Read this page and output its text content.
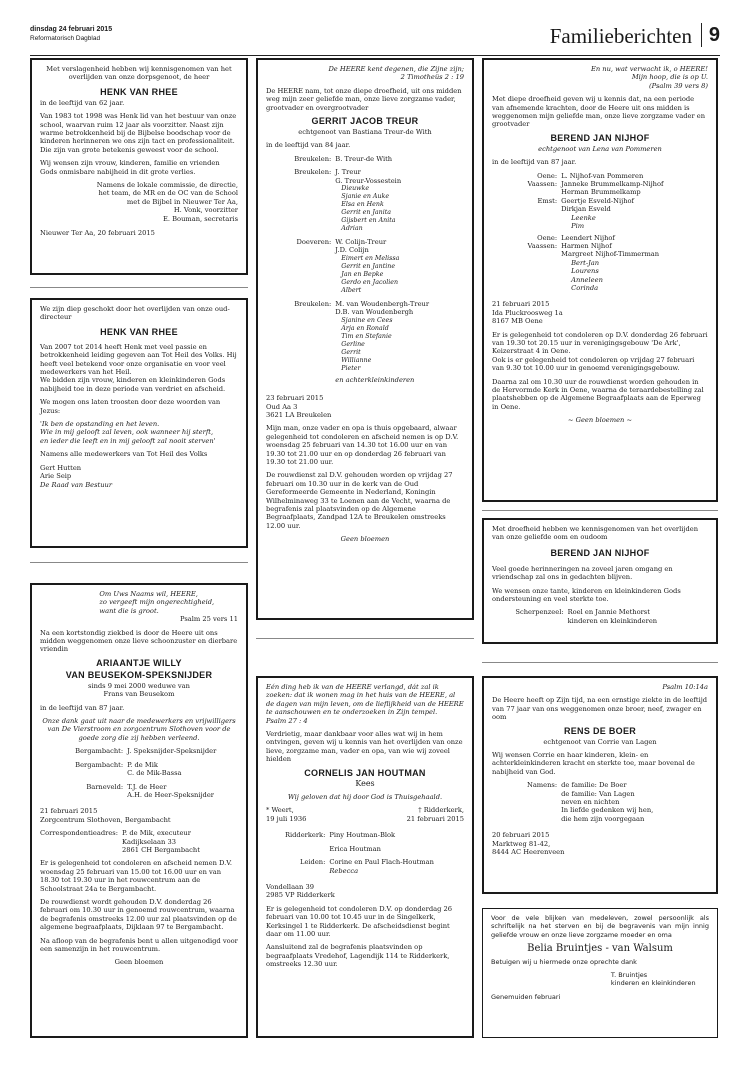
dinsdag 24 februari 2015
Reformatorisch Dagblad	Familieberichten 9

Met verslagenheid hebben wij kennisgenomen van het overlijden van onze dorpsgenoot, de heer

HENK VAN RHEE

in de leeftijd van 62 jaar.

Van 1983 tot 1998 was Henk lid van het bestuur van onze school, waarvan ruim 12 jaar als voorzitter. Naast zijn warme betrokkenheid bij de Bijbelse boodschap voor de kinderen herinneren we ons zijn tact en professionaliteit. Die zijn van grote betekenis geweest voor de school.

Wij wensen zijn vrouw, kinderen, familie en vrienden Gods onmisbare nabijheid in dit grote verlies.

Namens de lokale commissie, de directie,
het team, de MR en de OC van de School
met de Bijbel in Nieuwer Ter Aa,
H. Vonk, voorzitter
E. Bouman, secretaris
Nieuwer Ter Aa, 20 februari 2015

We zijn diep geschokt door het overlijden van onze oud-directeur

HENK VAN RHEE
Van 2007 tot 2014 heeft Henk met veel passie en betrokkenheid leiding gegeven aan Tot Heil des Volks. Hij heeft veel betekend voor onze organisatie en voor veel medewerkers van het Heil.

We bidden zijn vrouw, kinderen en kleinkinderen Gods nabijheid toe in deze periode van verdriet en afscheid.

We mogen ons laten troosten door deze woorden van Jezus:

'Ik ben de opstanding en het leven.
Wie in mij gelooft zal leven, ook wanneer hij sterft,

en ieder die leeft en in mij gelooft zal nooit sterven'

Namens alle medewerkers van Tot Heil des Volks

Gert Hutten
Arie Seip
De Raad van Bestuur
Om Uws Naams wil, HEERE,
zo vergeeft mijn ongerechtigheid,
want die is groot.

Psalm 25 vers 11

Na een kortstondig ziekbed is door de Heere uit ons midden weggenomen onze lieve schoonzuster en dierbare vriendin
ARIAANTJE WILLY
VAN BEUSEKOM-SPEKSNIJDER
sinds 9 mei 2000 weduwe van

Frans van Beusekom

in de leeftijd van 87 jaar.

Onze dank gaat uit naar de medewerkers en vrijwilligers van De Vierstroom en zorgcentrum Slothoven voor de goede zorg die zij hebben verleend.

Bergambacht: J. Speksnijder-Speksnijder
Bergambacht: P. de Mik
C. de Mik-Bassa
Barneveld: T.J. de Heer
A.H. de Heer-Speksnijder
21 februari 2015

Zorgcentrum Slothoven, Bergambacht

Correspondentieadres: P. de Mik, executeur
Kadijkselaan 33
2861 CH Bergambacht

Er is gelegenheid tot condoleren en afscheid nemen D.V. woensdag 25 februari van 15.00 tot 16.00 uur en van 18.30 tot 19.30 uur in het rouwcentrum aan de Schoolstraat 24a te Bergambacht.

De rouwdienst wordt gehouden D.V. donderdag 26 februari om 10.30 uur in genoemd rouwcentrum, waarna de begrafenis omstreeks 12.00 uur zal plaatsvinden op de algemene begraafplaats, Dijklaan 97 te Bergambacht.

Na afloop van de begrafenis bent u allen uitgenodigd voor een samenzijn in het rouwcentrum.

Geen bloemen
De HEERE kent degenen, die Zijne zijn;

2 Timotheüs 2 : 19

De HEERE nam, tot onze diepe droefheid, uit ons midden weg mijn zeer geliefde man, onze lieve zorgzame vader, grootvader en overgrootvader
GERRIT JACOB TREUR

echtgenoot van Bastiana Treur-de With

in de leeftijd van 84 jaar.

Breukelen: B. Treur-de With
Breukelen: J. Treur
G. Treur-Vossestein
Dieuwke
Sjanie en Auke
Elsa en Henk
Gerrit en Janita
Gijsbert en Anita
Adrian
Doeveren: W. Colijn-Treur
J.D. Colijn
Eimert en Melissa
Gerrit en Jantine
Jan en Bepke
Gerdo en Jacolien
Albert
Breukelen: M. van Woudenbergh-Treur
D.B. van Woudenbergh
Sjanine en Cees
Arja en Ronald
Tim en Stefanie
Gerline
Gerrit
Willianne
Pieter
en achterkleinkinderen
23 februari 2015
Oud Aa 3

3621 LA Breukelen

Mijn man, onze vader en opa is thuis opgebaard, alwaar gelegenheid tot condoleren en afscheid nemen is op D.V. woensdag 25 februari van 14.30 tot 16.00 uur en van 19.30 tot 21.00 uur en op donderdag 26 februari van 19.30 tot 21.00 uur.

De rouwdienst zal D.V. gehouden worden op vrijdag 27 februari om 10.30 uur in de kerk van de Oud Gereformeerde Gemeente in Nederland, Koningin Wilhelminaweg 33 te Loenen aan de Vecht, waarna de begrafenis zal plaatsvinden op de Algemene Begraafplaats, Zandpad 12A te Breukelen omstreeks 12.00 uur.

Geen bloemen
Eén ding heb ik van de HEERE verlangd, dát zal ik zoeken: dat ik wonen mag in het huis van de HEERE, al de dagen van mijn leven, om de lieflijkheid van de HEERE te aanschouwen en te onderzoeken in Zijn tempel.

Psalm 27 : 4

Verdrietig, maar dankbaar voor alles wat wij in hem ontvingen, geven wij u kennis van het overlijden van onze lieve, zorgzame man, vader en opa, van wie wij zoveel hielden
CORNELIS JAN HOUTMAN

Kees

Wij geloven dat hij door God is Thuisgehaald.

* Weert,
19 juli 1936
† Ridderkerk,
21 februari 2015
Ridderkerk: Piny Houtman-Blok
Erica Houtman
Leiden: Corine en Paul Flach-Houtman
Rebecca
Vondellaan 39

2985 VP Ridderkerk

Er is gelegenheid tot condoleren D.V. op donderdag 26 februari van 10.00 tot 10.45 uur in de Singelkerk, Kerksingel 1 te Ridderkerk. De afscheidsdienst begint daar om 11.00 uur.

Aansluitend zal de begrafenis plaatsvinden op begraafplaats Vredehof, Lagendijk 114 te Ridderkerk, omstreeks 12.30 uur.

En nu, wat verwacht ik, o HEERE!
Mijn hoop, die is op U.

(Psalm 39 vers 8)

Met diepe droefheid geven wij u kennis dat, na een periode van afnemende krachten, door de Heere uit ons midden is weggenomen mijn geliefde man, onze lieve zorgzame vader en grootvader
BEREND JAN NIJHOF

echtgenoot van Lena van Pommeren

in de leeftijd van 87 jaar.

Oene: L. Nijhof-van Pommeren
Vaassen: Janneke Brummelkamp-Nijhof
Herman Brummelkamp
Emst: Geertje Esveld-Nijhof
Dirkjan Esveld
Leenke
Pim
Oene: Leendert Nijhof
Vaassen: Harmen Nijhof
Margreet Nijhof-Timmerman
Bert-Jan
Lourens
Anneleen
Corinda
21 februari 2015
Ida Pluckroosweg 1a

8167 MB Oene

Er is gelegenheid tot condoleren op D.V. donderdag 26 februari van 19.30 tot 20.15 uur in verenigingsgebouw 'De Ark', Keizerstraat 4 in Oene.

Ook is er gelegenheid tot condoleren op vrijdag 27 februari van 9.30 tot 10.00 uur in genoemd verenigingsgebouw.

Daarna zal om 10.30 uur de rouwdienst worden gehouden in de Hervormde Kerk in Oene, waarna de teraardebestelling zal plaatshebben op de Algemene Begraafplaats aan de Eperweg in Oene.

~ Geen bloemen ~
Met droefheid hebben we kennisgenomen van het overlijden van onze geliefde oom en oudoom
BEREND JAN NIJHOF

Veel goede herinneringen na zoveel jaren omgang en vriendschap zal ons in gedachten blijven.

We wensen onze tante, kinderen en kleinkinderen Gods ondersteuning en veel sterkte toe.

Scherpenzeel: Roel en Jannie Methorst
kinderen en kleinkinderen

Psalm 10:14a

De Heere heeft op Zijn tijd, na een ernstige ziekte in de leeftijd van 77 jaar van ons weggenomen onze broer, neef, zwager en oom
RENS DE BOER

echtgenoot van Corrie van Lagen

Wij wensen Corrie en haar kinderen, klein- en achterkleinkinderen kracht en sterkte toe, maar bovenal de nabijheid van God.

Namens: de familie: De Boer
de familie: Van Lagen
neven en nichten
In liefde gedenken wij hen,
die hem zijn voorgegaan
20 februari 2015
Marktweg 81-42,
8444 AC Heerenveen
Voor de vele blijken van medeleven, zowel persoonlijk als schriftelijk na het sterven en bij de begravenis van mijn innig geliefde vrouw en onze lieve zorgzame moeder en oma
Belia Bruintjes - van Walsum

Betuigen wij u hiermede onze oprechte dank

T. Bruintjes

kinderen en kleinkinderen

Genemuiden februari
